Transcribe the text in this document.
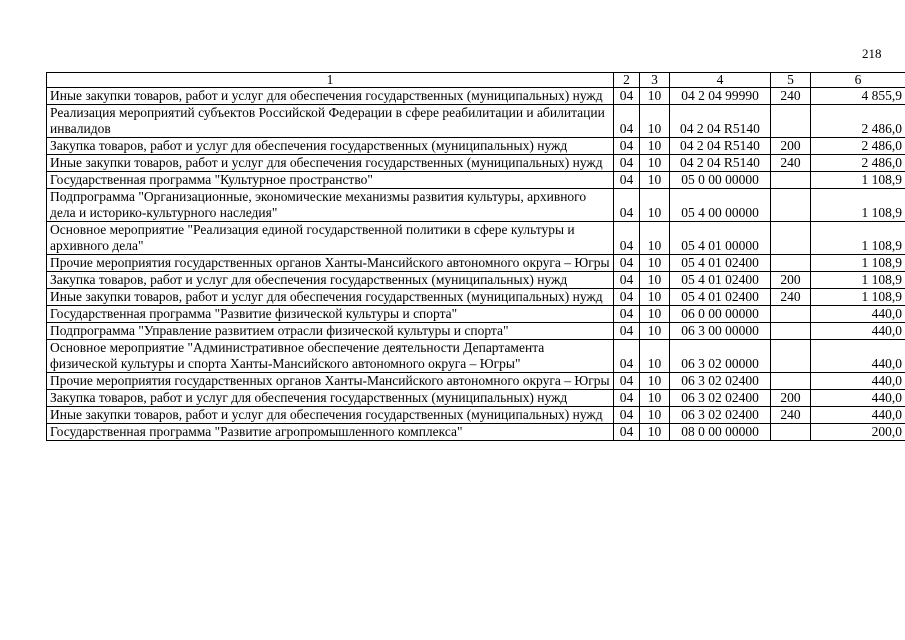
218
1	2	3	4	5	6
Иные закупки товаров, работ и услуг для обеспечения государственных (муниципальных) нужд	04	10	04 2 04 99990	240	4 855,9
Реализация мероприятий субъектов Российской Федерации в сфере реабилитации и абилитации инвалидов	04	10	04 2 04 R5140		2 486,0
Закупка товаров, работ и услуг для обеспечения государственных (муниципальных) нужд	04	10	04 2 04 R5140	200	2 486,0
Иные закупки товаров, работ и услуг для обеспечения государственных (муниципальных) нужд	04	10	04 2 04 R5140	240	2 486,0
Государственная программа "Культурное пространство"	04	10	05 0 00 00000		1 108,9
Подпрограмма "Организационные, экономические механизмы развития культуры, архивного дела и историко-культурного наследия"	04	10	05 4 00 00000		1 108,9
Основное мероприятие "Реализация единой государственной политики в сфере культуры и архивного дела"	04	10	05 4 01 00000		1 108,9
Прочие мероприятия государственных органов Ханты-Мансийского автономного округа – Югры	04	10	05 4 01 02400		1 108,9
Закупка товаров, работ и услуг для обеспечения государственных (муниципальных) нужд	04	10	05 4 01 02400	200	1 108,9
Иные закупки товаров, работ и услуг для обеспечения государственных (муниципальных) нужд	04	10	05 4 01 02400	240	1 108,9
Государственная программа "Развитие физической культуры и спорта"	04	10	06 0 00 00000		440,0
Подпрограмма "Управление развитием отрасли физической культуры и спорта"	04	10	06 3 00 00000		440,0
Основное мероприятие "Административное обеспечение деятельности Департамента физической культуры и спорта Ханты-Мансийского автономного округа – Югры"	04	10	06 3 02 00000		440,0
Прочие мероприятия государственных органов Ханты-Мансийского автономного округа – Югры	04	10	06 3 02 02400		440,0
Закупка товаров, работ и услуг для обеспечения государственных (муниципальных) нужд	04	10	06 3 02 02400	200	440,0
Иные закупки товаров, работ и услуг для обеспечения государственных (муниципальных) нужд	04	10	06 3 02 02400	240	440,0
Государственная программа "Развитие агропромышленного комплекса"	04	10	08 0 00 00000		200,0
